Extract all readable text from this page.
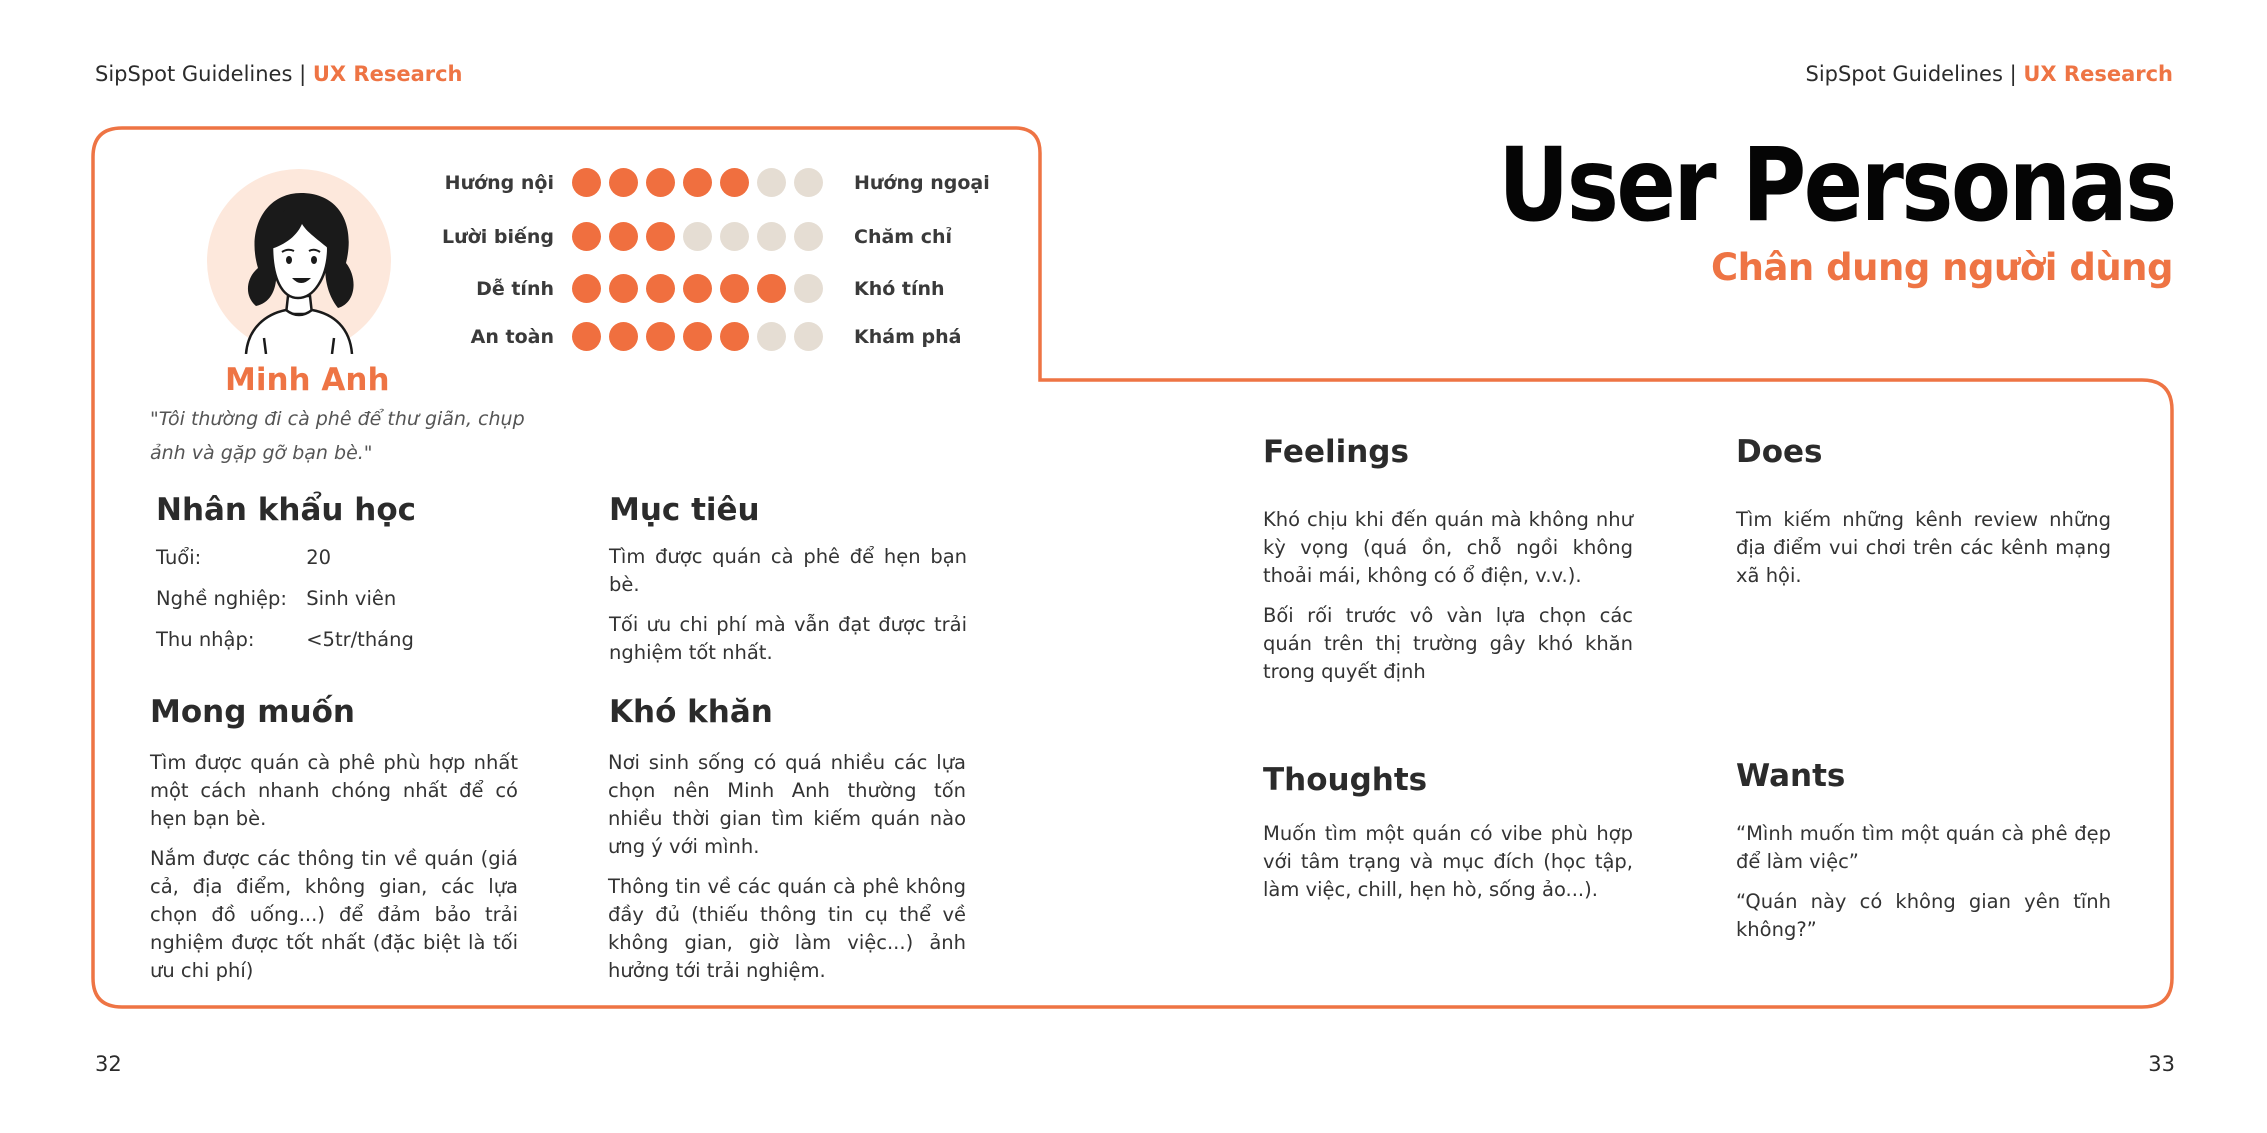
SipSpot Guidelines | UX Research	SipSpot Guidelines | UX Research
User Personas
Chân dung người dùng
Minh Anh
"Tôi thường đi cà phê để thư giãn, chụp ảnh và gặp gỡ bạn bè."
Hướng nội	Hướng ngoại
Lười biếng	Chăm chỉ
Dễ tính	Khó tính
An toàn	Khám phá
Nhân khẩu học
Tuổi:	20
Nghề nghiệp: Sinh viên
Thu nhập:	<5tr/tháng
Mục tiêu

Tìm được quán cà phê để hẹn bạn bè.

Tối ưu chi phí mà vẫn đạt được trải nghiệm tốt nhất.

Mong muốn

Tìm được quán cà phê phù hợp nhất một cách nhanh chóng nhất để có hẹn bạn bè.

Nắm được các thông tin về quán (giá cả, địa điểm, không gian, các lựa chọn đồ uống...) để đảm bảo trải nghiệm được tốt nhất (đặc biệt là tối ưu chi phí)

Khó khăn

Nơi sinh sống có quá nhiều các lựa chọn nên Minh Anh thường tốn nhiều thời gian tìm kiếm quán nào ưng ý với mình.

Thông tin về các quán cà phê không đầy đủ (thiếu thông tin cụ thể về không gian, giờ làm việc...) ảnh hưởng tới trải nghiệm.

Feelings

Khó chịu khi đến quán mà không như kỳ vọng (quá ồn, chỗ ngồi không thoải mái, không có ổ điện, v.v.).

Bối rối trước vô vàn lựa chọn các quán trên thị trường gây khó khăn trong quyết định

Does

Tìm kiếm những kênh review những địa điểm vui chơi trên các kênh mạng xã hội.

Thoughts

Muốn tìm một quán có vibe phù hợp với tâm trạng và mục đích (học tập, làm việc, chill, hẹn hò, sống ảo...).

Wants

“Mình muốn tìm một quán cà phê đẹp để làm việc”

“Quán này có không gian yên tĩnh không?”

32	33
